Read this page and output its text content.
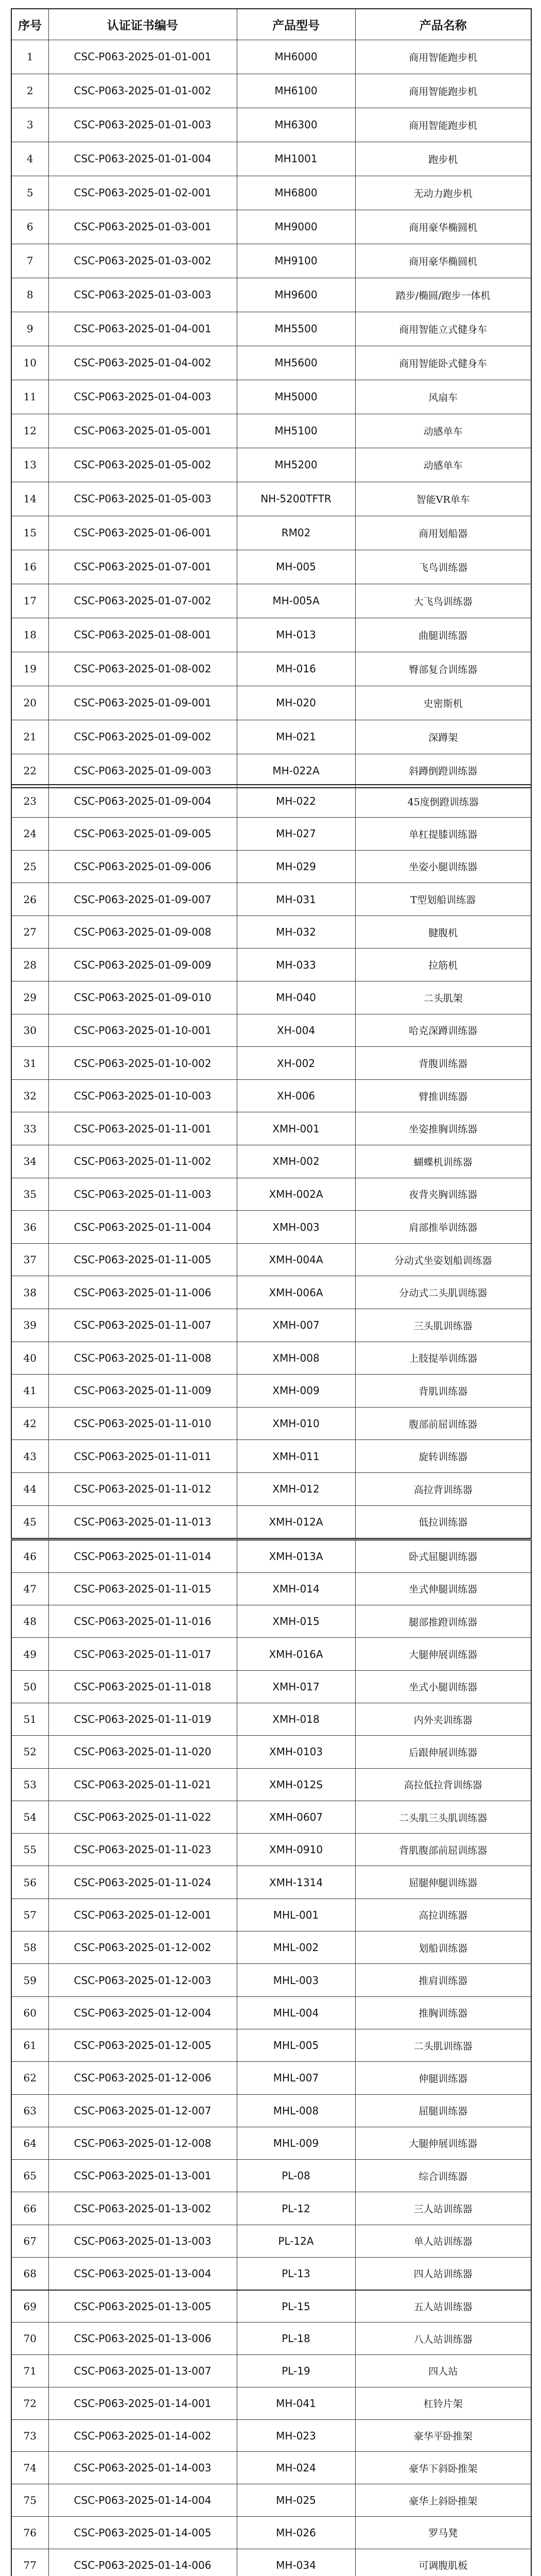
序号	认证证书编号	产品型号	产品名称
1	CSC-P063-2025-01-01-001	MH6000	商用智能跑步机
2	CSC-P063-2025-01-01-002	MH6100	商用智能跑步机
3	CSC-P063-2025-01-01-003	MH6300	商用智能跑步机
4	CSC-P063-2025-01-01-004	MH1001	跑步机
5	CSC-P063-2025-01-02-001	MH6800	无动力跑步机
6	CSC-P063-2025-01-03-001	MH9000	商用豪华椭圆机
7	CSC-P063-2025-01-03-002	MH9100	商用豪华椭圆机
8	CSC-P063-2025-01-03-003	MH9600	踏步/椭圆/跑步一体机
9	CSC-P063-2025-01-04-001	MH5500	商用智能立式健身车
10	CSC-P063-2025-01-04-002	MH5600	商用智能卧式健身车
11	CSC-P063-2025-01-04-003	MH5000	风扇车
12	CSC-P063-2025-01-05-001	MH5100	动感单车
13	CSC-P063-2025-01-05-002	MH5200	动感单车
14	CSC-P063-2025-01-05-003	NH-5200TFTR	智能VR单车
15	CSC-P063-2025-01-06-001	RM02	商用划船器
16	CSC-P063-2025-01-07-001	MH-005	飞鸟训练器
17	CSC-P063-2025-01-07-002	MH-005A	大飞鸟训练器
18	CSC-P063-2025-01-08-001	MH-013	曲腿训练器
19	CSC-P063-2025-01-08-002	MH-016	臀部复合训练器
20	CSC-P063-2025-01-09-001	MH-020	史密斯机
21	CSC-P063-2025-01-09-002	MH-021	深蹲架
22	CSC-P063-2025-01-09-003	MH-022A	斜蹲倒蹬训练器
23	CSC-P063-2025-01-09-004	MH-022	45度倒蹬训练器
24	CSC-P063-2025-01-09-005	MH-027	单杠提膝训练器
25	CSC-P063-2025-01-09-006	MH-029	坐姿小腿训练器
26	CSC-P063-2025-01-09-007	MH-031	T型划船训练器
27	CSC-P063-2025-01-09-008	MH-032	腱腹机
28	CSC-P063-2025-01-09-009	MH-033	拉筋机
29	CSC-P063-2025-01-09-010	MH-040	二头肌架
30	CSC-P063-2025-01-10-001	XH-004	哈克深蹲训练器
31	CSC-P063-2025-01-10-002	XH-002	背腹训练器
32	CSC-P063-2025-01-10-003	XH-006	臂推训练器
33	CSC-P063-2025-01-11-001	XMH-001	坐姿推胸训练器
34	CSC-P063-2025-01-11-002	XMH-002	蝴蝶机训练器
35	CSC-P063-2025-01-11-003	XMH-002A	夜背夹胸训练器
36	CSC-P063-2025-01-11-004	XMH-003	肩部推举训练器
37	CSC-P063-2025-01-11-005	XMH-004A	分动式坐姿划船训练器
38	CSC-P063-2025-01-11-006	XMH-006A	分动式二头肌训练器
39	CSC-P063-2025-01-11-007	XMH-007	三头肌训练器
40	CSC-P063-2025-01-11-008	XMH-008	上肢提举训练器
41	CSC-P063-2025-01-11-009	XMH-009	背肌训练器
42	CSC-P063-2025-01-11-010	XMH-010	腹部前屈训练器
43	CSC-P063-2025-01-11-011	XMH-011	旋转训练器
44	CSC-P063-2025-01-11-012	XMH-012	高拉背训练器
45	CSC-P063-2025-01-11-013	XMH-012A	低拉训练器
46	CSC-P063-2025-01-11-014	XMH-013A	卧式屈腿训练器
47	CSC-P063-2025-01-11-015	XMH-014	坐式伸腿训练器
48	CSC-P063-2025-01-11-016	XMH-015	腿部推蹬训练器
49	CSC-P063-2025-01-11-017	XMH-016A	大腿伸展训练器
50	CSC-P063-2025-01-11-018	XMH-017	坐式小腿训练器
51	CSC-P063-2025-01-11-019	XMH-018	内外夹训练器
52	CSC-P063-2025-01-11-020	XMH-0103	后跟伸展训练器
53	CSC-P063-2025-01-11-021	XMH-012S	高拉低拉背训练器
54	CSC-P063-2025-01-11-022	XMH-0607	二头肌三头肌训练器
55	CSC-P063-2025-01-11-023	XMH-0910	背肌腹部前屈训练器
56	CSC-P063-2025-01-11-024	XMH-1314	屈腿伸腿训练器
57	CSC-P063-2025-01-12-001	MHL-001	高拉训练器
58	CSC-P063-2025-01-12-002	MHL-002	划船训练器
59	CSC-P063-2025-01-12-003	MHL-003	推肩训练器
60	CSC-P063-2025-01-12-004	MHL-004	推胸训练器
61	CSC-P063-2025-01-12-005	MHL-005	二头肌训练器
62	CSC-P063-2025-01-12-006	MHL-007	伸腿训练器
63	CSC-P063-2025-01-12-007	MHL-008	屈腿训练器
64	CSC-P063-2025-01-12-008	MHL-009	大腿伸展训练器
65	CSC-P063-2025-01-13-001	PL-08	综合训练器
66	CSC-P063-2025-01-13-002	PL-12	三人站训练器
67	CSC-P063-2025-01-13-003	PL-12A	单人站训练器
68	CSC-P063-2025-01-13-004	PL-13	四人站训练器
69	CSC-P063-2025-01-13-005	PL-15	五人站训练器
70	CSC-P063-2025-01-13-006	PL-18	八人站训练器
71	CSC-P063-2025-01-13-007	PL-19	四人站
72	CSC-P063-2025-01-14-001	MH-041	杠铃片架
73	CSC-P063-2025-01-14-002	MH-023	豪华平卧推架
74	CSC-P063-2025-01-14-003	MH-024	豪华下斜卧推架
75	CSC-P063-2025-01-14-004	MH-025	豪华上斜卧推架
76	CSC-P063-2025-01-14-005	MH-026	罗马凳
77	CSC-P063-2025-01-14-006	MH-034	可调腹肌板
